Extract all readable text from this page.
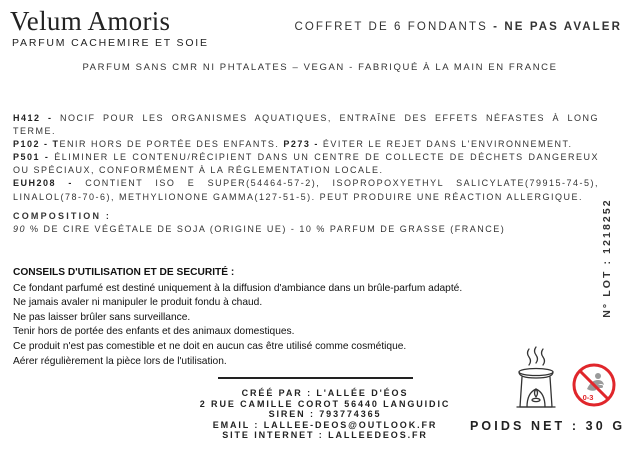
Velum Amoris
PARFUM CACHEMIRE ET SOIE
COFFRET DE 6 FONDANTS - NE PAS AVALER
PARFUM SANS CMR NI PHTALATES – VEGAN - FABRIQUÉ À LA MAIN EN FRANCE

H412 - NOCIF POUR LES ORGANISMES AQUATIQUES, ENTRAÎNE DES EFFETS NÉFASTES À LONG TERME.

P102 - TENIR HORS DE PORTÉE DES ENFANTS. P273 - ÉVITER LE REJET DANS L'ENVIRONNEMENT.

P501 - ÉLIMINER LE CONTENU/RÉCIPIENT DANS UN CENTRE DE COLLECTE DE DÉCHETS DANGEREUX OU SPÉCIAUX, CONFORMÉMENT À LA RÉGLEMENTATION LOCALE.

EUH208 - CONTIENT ISO E SUPER(54464-57-2), ISOPROPOXYETHYL SALICYLATE(79915-74-5), LINALOL(78-70-6), METHYLIONONE GAMMA(127-51-5). PEUT PRODUIRE UNE RÉACTION ALLERGIQUE.

COMPOSITION :

90 % DE CIRE VÉGÉTALE DE SOJA (ORIGINE UE) - 10 % PARFUM DE GRASSE (FRANCE)	N° LOT : 1218252

CONSEILS D'UTILISATION ET DE SECURITÉ :

Ce fondant parfumé est destiné uniquement à la diffusion d'ambiance dans un brûle-parfum adapté.

Ne jamais avaler ni manipuler le produit fondu à chaud.

Ne pas laisser brûler sans surveillance.

Tenir hors de portée des enfants et des animaux domestiques.

Ce produit n'est pas comestible et ne doit en aucun cas être utilisé comme cosmétique.

Aérer régulièrement la pièce lors de l'utilisation.

CRÉÉ PAR : L'ALLÉE D'ÉOS

2 RUE CAMILLE COROT 56440 LANGUIDIC

SIREN : 793774365

EMAIL : LALLEE-DEOS@OUTLOOK.FR

SITE INTERNET : LALLEEDEOS.FR

0-3
POIDS NET : 30 G
